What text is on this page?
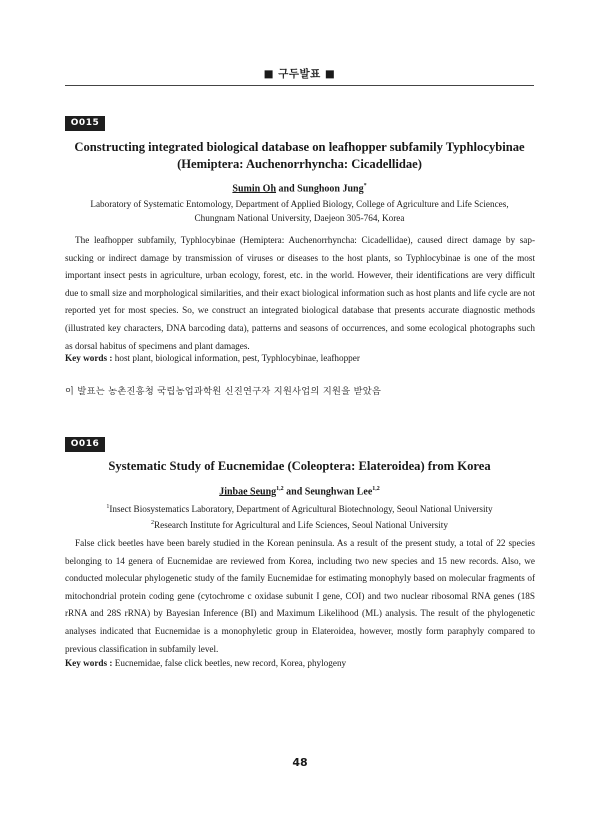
■ 구두발표 ■
O015
Constructing integrated biological database on leafhopper subfamily Typhlocybinae
(Hemiptera: Auchenorrhyncha: Cicadellidae)
Sumin Oh and Sunghoon Jung*
Laboratory of Systematic Entomology, Department of Applied Biology, College of Agriculture and Life Sciences,
Chungnam National University, Daejeon 305-764, Korea

The leafhopper subfamily, Typhlocybinae (Hemiptera: Auchenorrhyncha: Cicadellidae), caused direct damage by sap-sucking or indirect damage by transmission of viruses or diseases to the host plants, so Typhlocybinae is one of the most important insect pests in agriculture, urban ecology, forest, etc. in the world. However, their identifications are very difficult due to small size and morphological similarities, and their exact biological information such as host plants and life cycle are not reported yet for most species. So, we construct an integrated biological database that presents accurate diagnostic methods (illustrated key characters, DNA barcoding data), patterns and seasons of occurrences, and some ecological photographs such as dorsal habitus of specimens and plant damages.

Key words : host plant, biological information, pest, Typhlocybinae, leafhopper
이 발표는 농촌진흥청 국립농업과학원 신진연구자 지원사업의 지원을 받았음
O016
Systematic Study of Eucnemidae (Coleoptera: Elateroidea) from Korea
Jinbae Seung$^{1,2}$ and Seunghwan Lee$^{1,2}$
$^1$Insect Biosystematics Laboratory, Department of Agricultural Biotechnology, Seoul National University
$^2$Research Institute for Agricultural and Life Sciences, Seoul National University

False click beetles have been barely studied in the Korean peninsula. As a result of the present study, a total of 22 species belonging to 14 genera of Eucnemidae are reviewed from Korea, including two new species and 15 new records. Also, we conducted molecular phylogenetic study of the family Eucnemidae for estimating monophyly based on molecular fragments of mitochondrial protein coding gene (cytochrome c oxidase subunit I gene, COI) and two nuclear ribosomal RNA genes (18S rRNA and 28S rRNA) by Bayesian Inference (BI) and Maximum Likelihood (ML) analysis. The result of the phylogenetic analyses indicated that Eucnemidae is a monophyletic group in Elateroidea, however, mostly form paraphyly compared to previous classification in subfamily level.

Key words : Eucnemidae, false click beetles, new record, Korea, phylogeny
48
